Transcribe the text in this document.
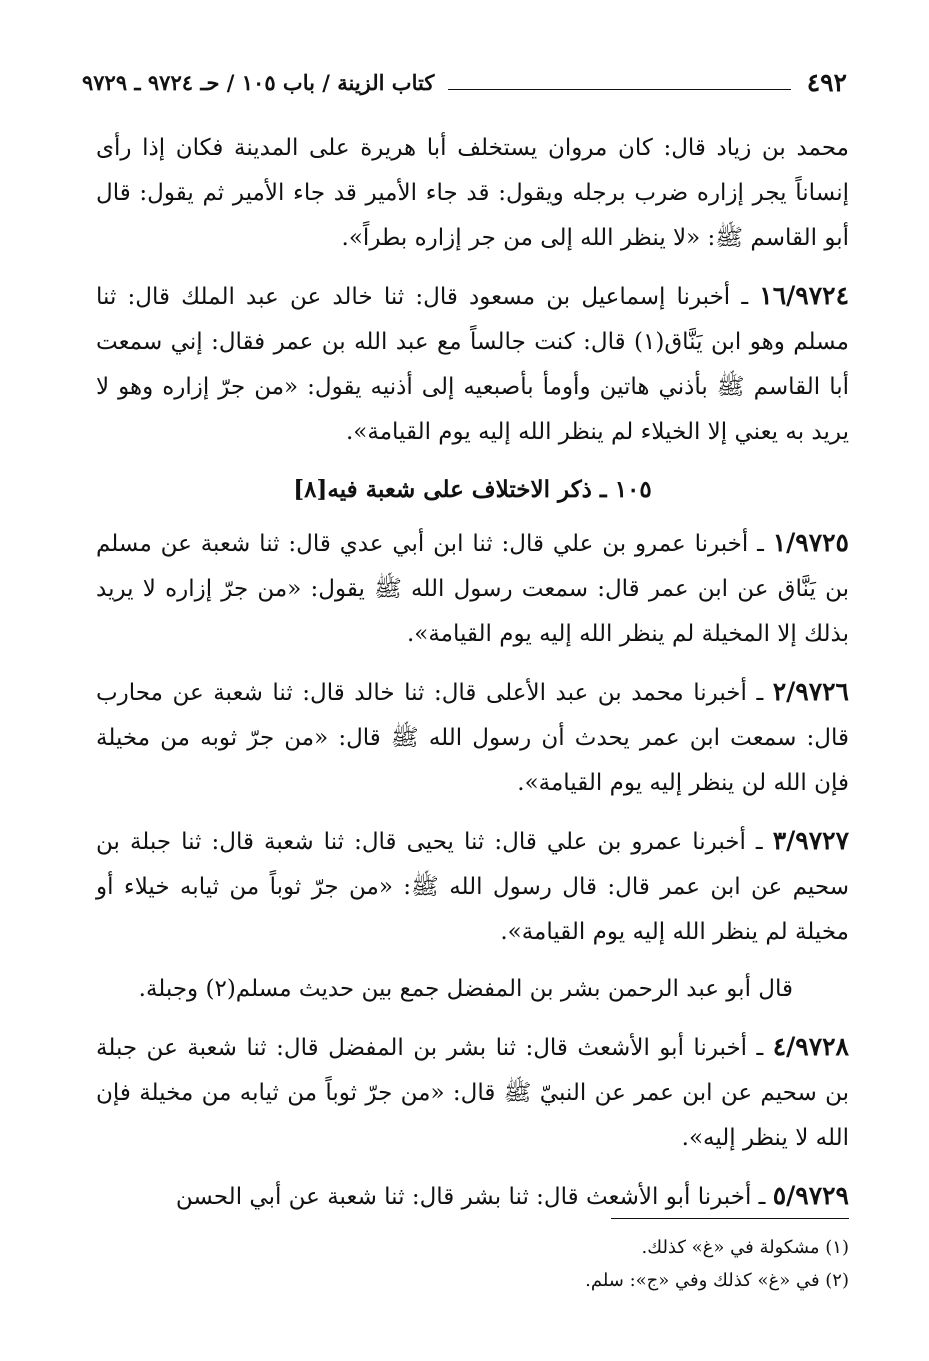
٤٩٢
كتاب الزينة / باب ١٠٥ / حـ ٩٧٢٤ ـ ٩٧٢٩

محمد بن زياد قال: كان مروان يستخلف أبا هريرة على المدينة فكان إذا رأى إنساناً يجر إزاره ضرب برجله ويقول: قد جاء الأمير قد جاء الأمير ثم يقول: قال أبو القاسم ﷺ: «لا ينظر الله إلى من جر إزاره بطراً».

١٦/٩٧٢٤ ـ أخبرنا إسماعيل بن مسعود قال: ثنا خالد عن عبد الملك قال: ثنا مسلم وهو ابن يَنَّاق(١) قال: كنت جالساً مع عبد الله بن عمر فقال: إني سمعت أبا القاسم ﷺ بأذني هاتين وأومأ بأصبعيه إلى أذنيه يقول: «من جرّ إزاره وهو لا يريد به يعني إلا الخيلاء لم ينظر الله إليه يوم القيامة».

١٠٥ ـ ذكر الاختلاف على شعبة فيه[٨]

١/٩٧٢٥ ـ أخبرنا عمرو بن علي قال: ثنا ابن أبي عدي قال: ثنا شعبة عن مسلم بن يَنَّاق عن ابن عمر قال: سمعت رسول الله ﷺ يقول: «من جرّ إزاره لا يريد بذلك إلا المخيلة لم ينظر الله إليه يوم القيامة».

٢/٩٧٢٦ ـ أخبرنا محمد بن عبد الأعلى قال: ثنا خالد قال: ثنا شعبة عن محارب قال: سمعت ابن عمر يحدث أن رسول الله ﷺ قال: «من جرّ ثوبه من مخيلة فإن الله لن ينظر إليه يوم القيامة».

٣/٩٧٢٧ ـ أخبرنا عمرو بن علي قال: ثنا يحيى قال: ثنا شعبة قال: ثنا جبلة بن سحيم عن ابن عمر قال: قال رسول الله ﷺ: «من جرّ ثوباً من ثيابه خيلاء أو مخيلة لم ينظر الله إليه يوم القيامة».

قال أبو عبد الرحمن بشر بن المفضل جمع بين حديث مسلم(٢) وجبلة.

٤/٩٧٢٨ ـ أخبرنا أبو الأشعث قال: ثنا بشر بن المفضل قال: ثنا شعبة عن جبلة بن سحيم عن ابن عمر عن النبيّ ﷺ قال: «من جرّ ثوباً من ثيابه من مخيلة فإن الله لا ينظر إليه».

٥/٩٧٢٩ ـ أخبرنا أبو الأشعث قال: ثنا بشر قال: ثنا شعبة عن أبي الحسن

(١) مشكولة في «غ» كذلك.

(٢) في «غ» كذلك وفي «ج»: سلم.
